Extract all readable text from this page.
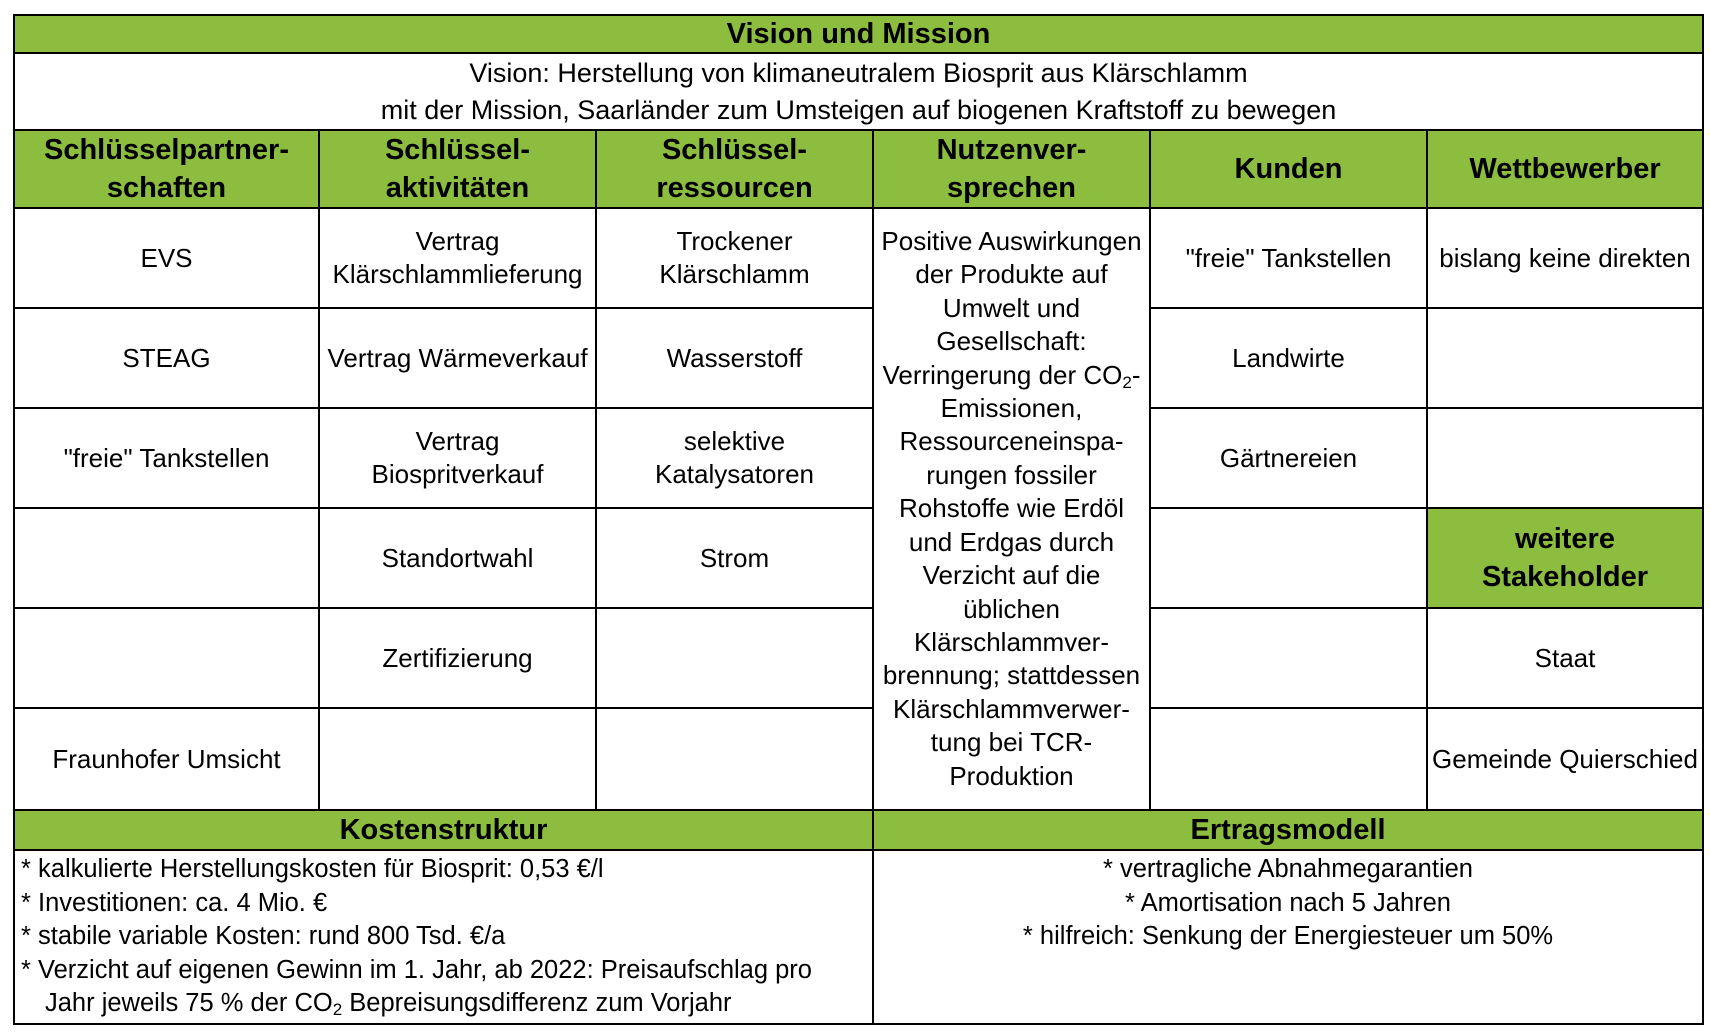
Vision und Mission
Vision: Herstellung von klimaneutralem Biosprit aus Klärschlamm
mit der Mission, Saarländer zum Umsteigen auf biogenen Kraftstoff zu bewegen
Schlüsselpartner-
schaften
Schlüssel-
aktivitäten
Schlüssel-
ressourcen
Nutzenver-
sprechen
Kunden	Wettbewerber
EVS
STEAG
"freie" Tankstellen
Fraunhofer Umsicht
Vertrag
Klärschlammlieferung
Vertrag Wärmeverkauf
Vertrag
Biospritverkauf
Standortwahl
Zertifizierung
Trockener
Klärschlamm
Wasserstoff
selektive
Katalysatoren
Strom
Positive Auswirkungen
der Produkte auf
Umwelt und
Gesellschaft:
Verringerung der $CO_2-$
Emissionen,
Ressourceneinspa-
rungen fossiler
Rohstoffe wie Erdöl
und Erdgas durch
Verzicht auf die
üblichen
Klärschlammver-
brennung; stattdessen
Klärschlammverwer-
tung bei TCR-
Produktion
"freie" Tankstellen
Landwirte
Gärtnereien
bislang keine direkten
weitere
Stakeholder
Staat
Gemeinde Quierschied
Kostenstruktur	Ertragsmodell
* kalkulierte Herstellungskosten für Biosprit: 0,53 €/l
* Investitionen: ca. 4 Mio. €
* stabile variable Kosten: rund 800 Tsd. €/a
* Verzicht auf eigenen Gewinn im 1. Jahr, ab 2022: Preisaufschlag pro
Jahr jeweils 75 % der $CO_2$ Bepreisungsdifferenz zum Vorjahr
* vertragliche Abnahmegarantien
* Amortisation nach 5 Jahren
* hilfreich: Senkung der Energiesteuer um 50%
